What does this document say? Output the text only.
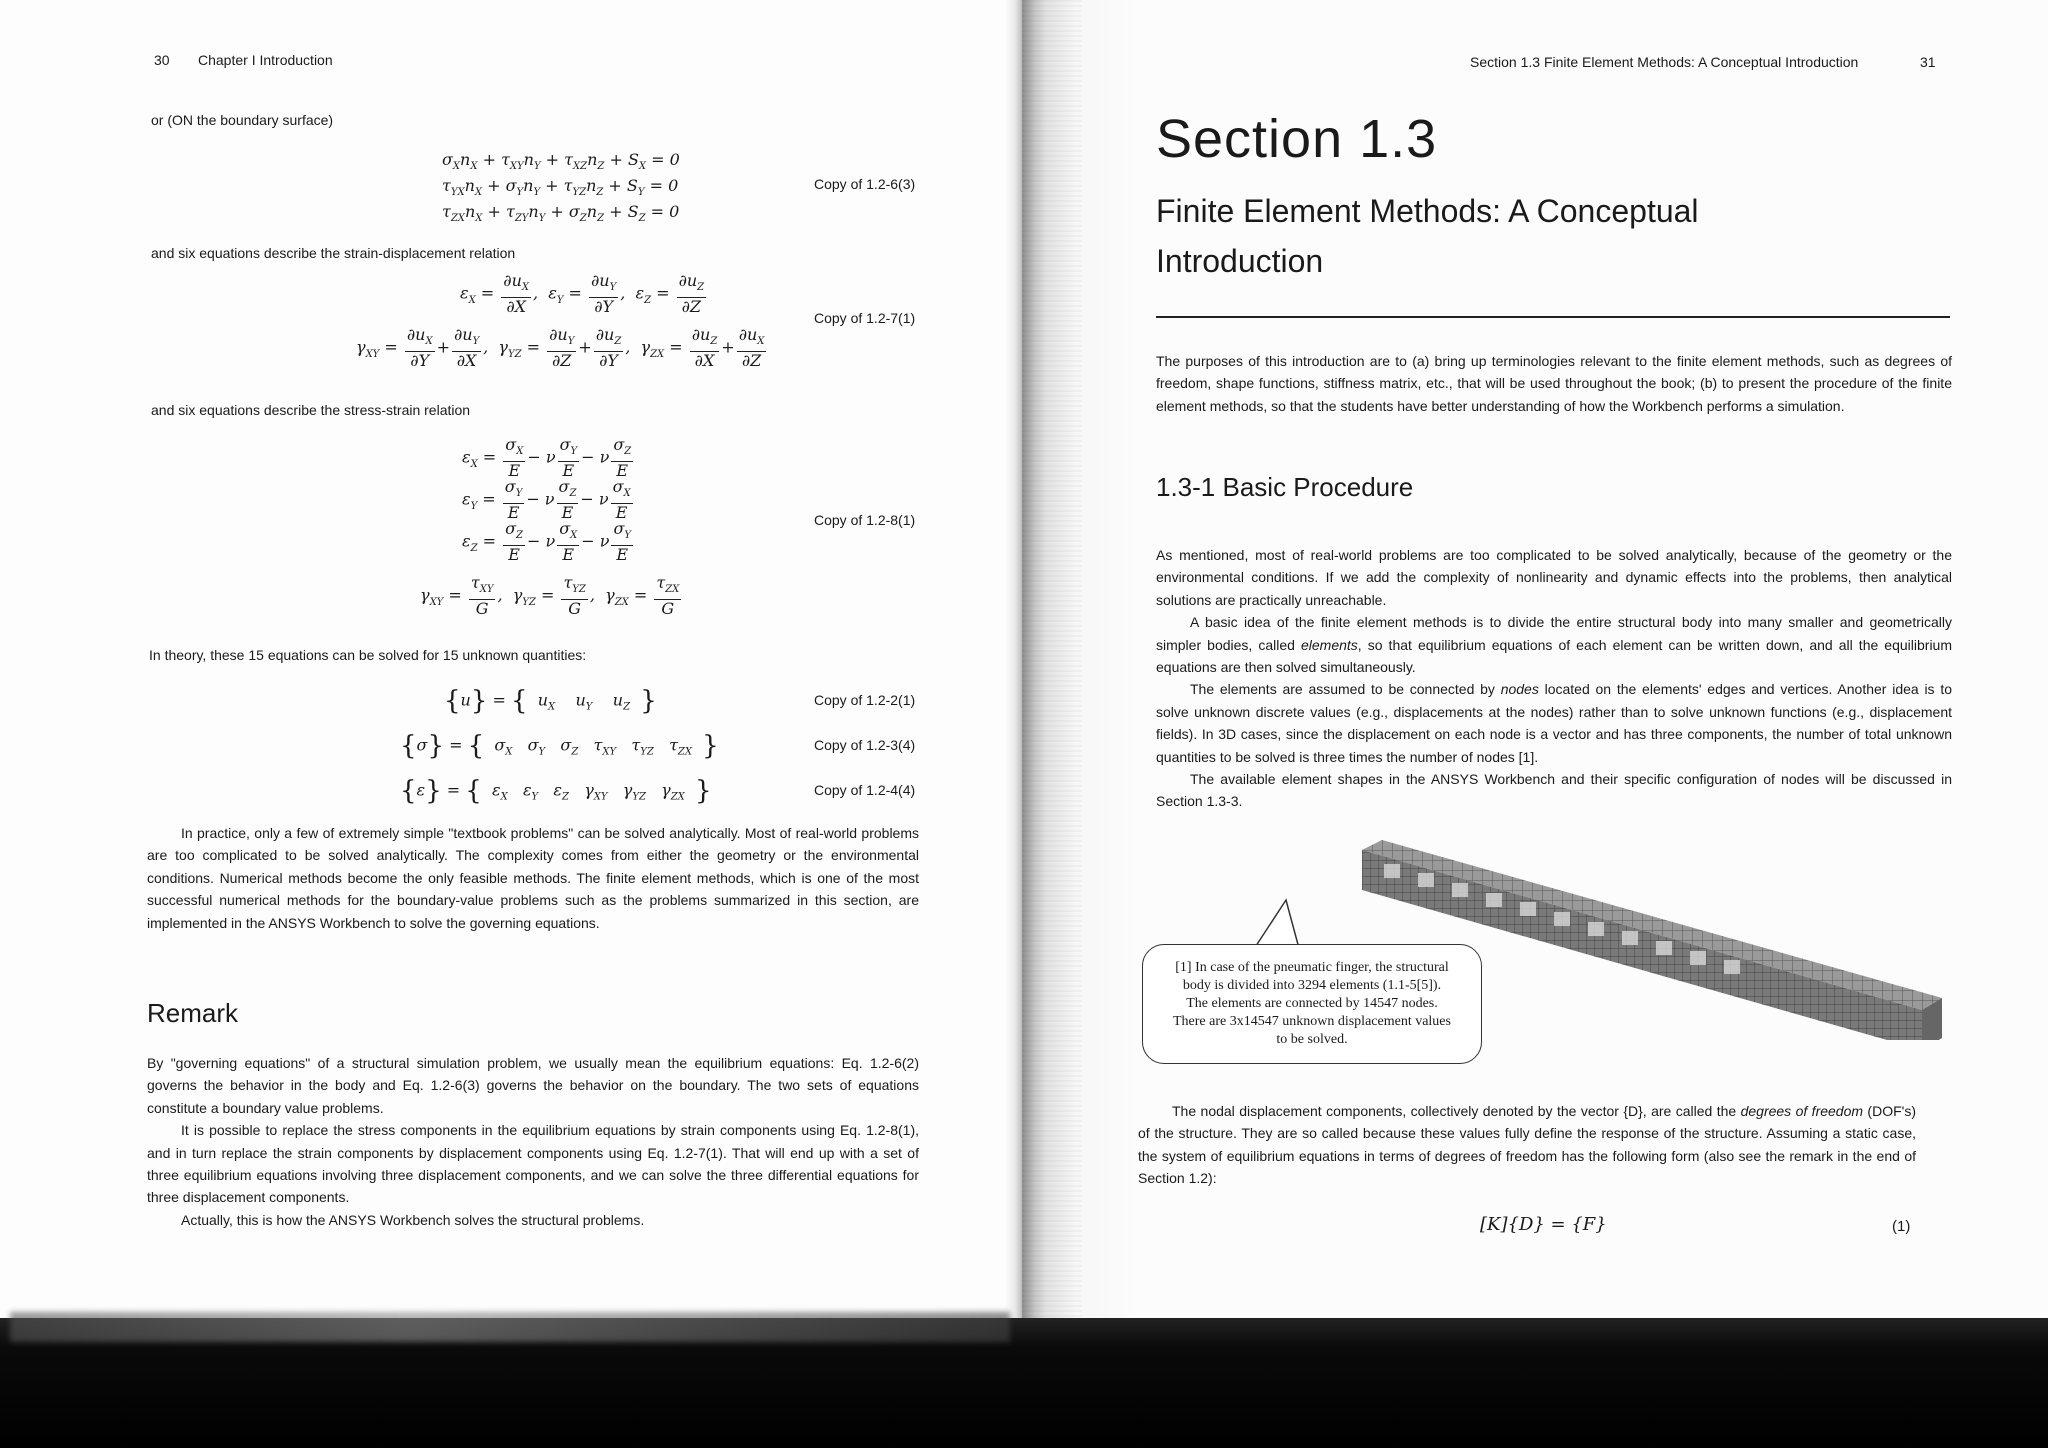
30 Chapter I Introduction
or (ON the boundary surface)
$\sigma_Xn_X + \tau_{XY}n_Y + \tau_{XZ}n_Z + S_X = 0$
$\tau_{YX}n_X + \sigma_Yn_Y + \tau_{YZ}n_Z + S_Y = 0$
$\tau_{ZX}n_X + \tau_{ZY}n_Y + \sigma_Zn_Z + S_Z = 0$
Copy of 1.2-6(3)
and six equations describe the strain-displacement relation
$\varepsilon_X = \frac{\partial u_X}{\partial X}$ ,  $\varepsilon_Y = \frac{\partial u_Y}{\partial Y}$ ,  $\varepsilon_Z = \frac{\partial u_Z}{\partial Z}$
$\gamma_{XY} = \frac{\partial u_X}{\partial Y} + \frac{\partial u_Y}{\partial X}$ ,  $\gamma_{YZ} = \frac{\partial u_Y}{\partial Z} + \frac{\partial u_Z}{\partial Y}$ ,  $\gamma_{ZX} = \frac{\partial u_Z}{\partial X} + \frac{\partial u_X}{\partial Z}$
Copy of 1.2-7(1)
and six equations describe the stress-strain relation
$\varepsilon_X = \frac{\sigma_X}{E} - \nu \frac{\sigma_Y}{E} - \nu \frac{\sigma_Z}{E}$
$\varepsilon_Y = \frac{\sigma_Y}{E} - \nu \frac{\sigma_Z}{E} - \nu \frac{\sigma_X}{E}$
$\varepsilon_Z = \frac{\sigma_Z}{E} - \nu \frac{\sigma_X}{E} - \nu \frac{\sigma_Y}{E}$
$\gamma_{XY} = \frac{\tau_{XY}}{G}$ ,  $\gamma_{YZ} = \frac{\tau_{YZ}}{G}$ ,  $\gamma_{ZX} = \frac{\tau_{ZX}}{G}$
Copy of 1.2-8(1)
In theory, these 15 equations can be solved for 15 unknown quantities:
{u} = {  $u_X$    $u_Y$    $u_Z$ }	Copy of 1.2-2(1)
{σ} = {  $\sigma_X$   $\sigma_Y$   $\sigma_Z$   $\tau_{XY}$   $\tau_{YZ}$   $\tau_{ZX}$ }	Copy of 1.2-3(4)
{ε} = {  $\varepsilon_X$   $\varepsilon_Y$   $\varepsilon_Z$   $\gamma_{XY}$   $\gamma_{YZ}$   $\gamma_{ZX}$ }	Copy of 1.2-4(4)

In practice, only a few of extremely simple "textbook problems" can be solved analytically. Most of real-world problems are too complicated to be solved analytically. The complexity comes from either the geometry or the environmental conditions. Numerical methods become the only feasible methods. The finite element methods, which is one of the most successful numerical methods for the boundary-value problems such as the problems summarized in this section, are implemented in the ANSYS Workbench to solve the governing equations.

Remark

By "governing equations" of a structural simulation problem, we usually mean the equilibrium equations: Eq. 1.2-6(2) governs the behavior in the body and Eq. 1.2-6(3) governs the behavior on the boundary. The two sets of equations constitute a boundary value problems.

It is possible to replace the stress components in the equilibrium equations by strain components using Eq. 1.2-8(1), and in turn replace the strain components by displacement components using Eq. 1.2-7(1). That will end up with a set of three equilibrium equations involving three displacement components, and we can solve the three differential equations for three displacement components.

Actually, this is how the ANSYS Workbench solves the structural problems.

Section 1.3 Finite Element Methods: A Conceptual Introduction	31
Section 1.3
Finite Element Methods: A Conceptual
Introduction
The purposes of this introduction are to (a) bring up terminologies relevant to the finite element methods, such as degrees of freedom, shape functions, stiffness matrix, etc., that will be used throughout the book; (b) to present the procedure of the finite element methods, so that the students have better understanding of how the Workbench performs a simulation.
1.3-1 Basic Procedure

As mentioned, most of real-world problems are too complicated to be solved analytically, because of the geometry or the environmental conditions. If we add the complexity of nonlinearity and dynamic effects into the problems, then analytical solutions are practically unreachable.

A basic idea of the finite element methods is to divide the entire structural body into many smaller and geometrically simpler bodies, called elements, so that equilibrium equations of each element can be written down, and all the equilibrium equations are then solved simultaneously.

The elements are assumed to be connected by nodes located on the elements' edges and vertices. Another idea is to solve unknown discrete values (e.g., displacements at the nodes) rather than to solve unknown functions (e.g., displacement fields). In 3D cases, since the displacement on each node is a vector and has three components, the number of total unknown quantities to be solved is three times the number of nodes [1].

The available element shapes in the ANSYS Workbench and their specific configuration of nodes will be discussed in Section 1.3-3.

[1] In case of the pneumatic finger, the structural
body is divided into 3294 elements (1.1-5[5]).
The elements are connected by 14547 nodes.
There are 3x14547 unknown displacement values
to be solved.

The nodal displacement components, collectively denoted by the vector {D}, are called the degrees of freedom (DOF's) of the structure. They are so called because these values fully define the response of the structure. Assuming a static case, the system of equilibrium equations in terms of degrees of freedom has the following form (also see the remark in the end of Section 1.2):

[K]{D} = {F}	(1)
